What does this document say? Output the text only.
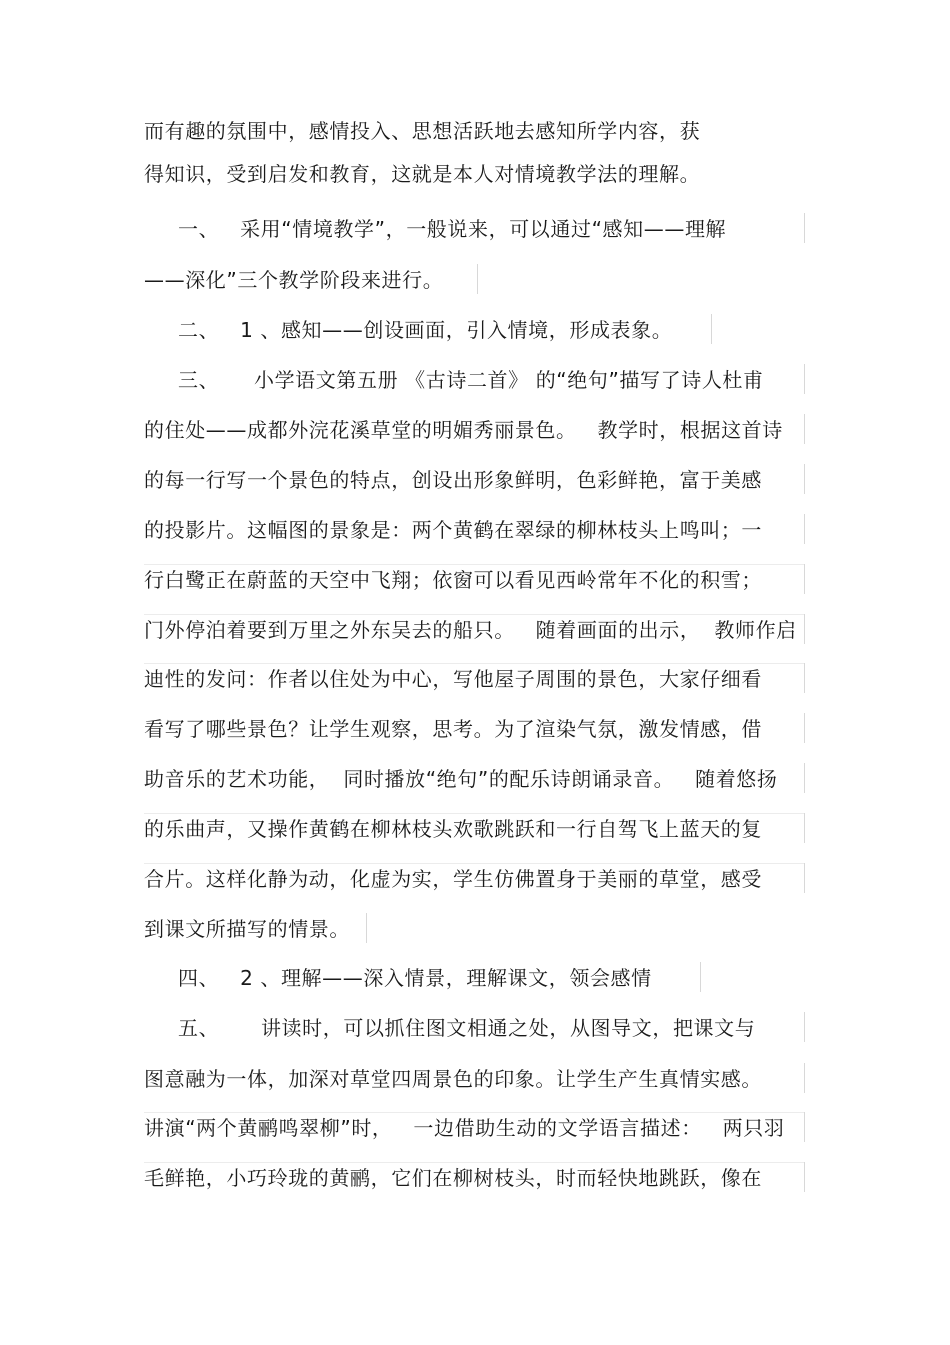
而有趣的氛围中，感情投入、思想活跃地去感知所学内容，获
得知识，受到启发和教育，这就是本人对情境教学法的理解。
一、   采用“情境教学”，一般说来，可以通过“感知——理解
——深化”三个教学阶段来进行。
二、   1 、感知——创设画面，引入情境，形成表象。
三、     小学语文第五册 《古诗二首》 的“绝句”描写了诗人杜甫
的住处——成都外浣花溪草堂的明媚秀丽景色。   教学时，根据这首诗
的每一行写一个景色的特点，创设出形象鲜明，色彩鲜艳，富于美感
的投影片。这幅图的景象是：两个黄鹤在翠绿的柳林枝头上鸣叫；一
行白鹭正在蔚蓝的天空中飞翔；依窗可以看见西岭常年不化的积雪；
门外停泊着要到万里之外东吴去的船只。   随着画面的出示，  教师作启
迪性的发问：作者以住处为中心，写他屋子周围的景色，大家仔细看
看写了哪些景色？让学生观察，思考。为了渲染气氛，激发情感，借
助音乐的艺术功能，  同时播放“绝句”的配乐诗朗诵录音。   随着悠扬
的乐曲声，又操作黄鹤在柳林枝头欢歌跳跃和一行自驾飞上蓝天的复
合片。这样化静为动，化虚为实，学生仿佛置身于美丽的草堂，感受
到课文所描写的情景。
四、   2 、理解——深入情景，理解课文，领会感情
五、      讲读时，可以抓住图文相通之处，从图导文，把课文与
图意融为一体，加深对草堂四周景色的印象。让学生产生真情实感。
讲演“两个黄鹂鸣翠柳”时，   一边借助生动的文学语言描述：   两只羽
毛鲜艳，小巧玲珑的黄鹂，它们在柳树枝头，时而轻快地跳跃，像在
